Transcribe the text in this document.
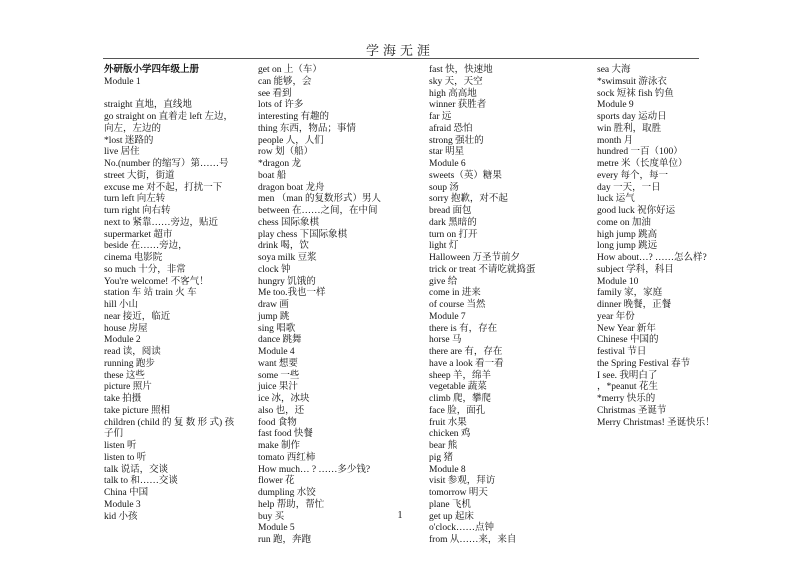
学海无涯
外研版小学四年级上册
Module 1

straight 直地，直线地
go straight on 直着走 left 左边，向左，左边的
*lost 迷路的
live 居住
No.(number 的缩写）第……号
street 大街，街道
excuse me 对不起，打扰一下
turn left 向左转
turn right 向右转
next to 紧靠……旁边，贴近
supermarket 超市
beside 在……旁边，
cinema 电影院
so much 十分，非常
You're welcome! 不客气！
station 车 站 train 火 车
hill 小山
near 接近，临近
house 房屋
Module 2
read 读，阅读
running 跑步
these 这些
picture 照片
take 拍摄
take picture 照相
children (child 的 复 数 形 式) 孩子们
listen 听
listen to 听
talk 说话，交谈
talk to 和……交谈
China 中国
Module 3
kid 小孩
get on 上（车）
can 能够，会
see 看到
lots of 许多
interesting 有趣的
thing 东西，物品；事情
people 人，人们
row 划（船）
*dragon 龙
boat 船
dragon boat 龙舟
men （man 的复数形式）男人
between 在……之间，在中间
chess 国际象棋
play chess 下国际象棋
drink 喝，饮
soya milk 豆浆
clock 钟
hungry 饥饿的
Me too.我也一样
draw 画
jump 跳
sing 唱歌
dance 跳舞
Module 4
want 想要
some 一些
juice 果汁
ice 冰，冰块
also 也，还
food 食物
fast food 快餐
make 制作
tomato 西红柿
How much… ? ……多少钱?
flower 花
dumpling 水饺
help 帮助，帮忙
buy 买
Module 5
run 跑，奔跑
fast 快，快速地
sky 天，天空
high 高高地
winner 获胜者
far 远
afraid 恐怕
strong 强壮的
star 明星
Module 6
sweets（英）糖果
soup 汤
sorry 抱歉，对不起
bread 面包
dark 黑暗的
turn on 打开
light 灯
Halloween 万圣节前夕
trick or treat 不请吃就捣蛋
give 给
come in 进来
of course 当然
Module 7
there is 有，存在
horse 马
there are 有，存在
have a look 看一看
sheep 羊，绵羊
vegetable 蔬菜
climb 爬，攀爬
face 脸，面孔
fruit 水果
chicken 鸡
bear 熊
pig 猪
Module 8
visit 参观，拜访
tomorrow 明天
plane 飞机
get up 起床
o'clock……点钟
from 从……来，来自
sea 大海
*swimsuit 游泳衣
sock 短袜 fish 钓鱼
Module 9
sports day 运动日
win 胜利，取胜
month 月
hundred 一百（100）
metre 米（长度单位）
every 每个，每一
day 一天，一日
luck 运气
good luck 祝你好运
come on 加油
high jump 跳高
long jump 跳远
How about…? ……怎么样?
subject 学科，科目
Module 10
family 家，家庭
dinner 晚餐，正餐
year 年份
New Year 新年
Chinese 中国的
festival 节日
the Spring Festival 春节
I see. 我明白了
，*peanut 花生
*merry 快乐的
Christmas 圣诞节
Merry Christmas! 圣诞快乐！
1
